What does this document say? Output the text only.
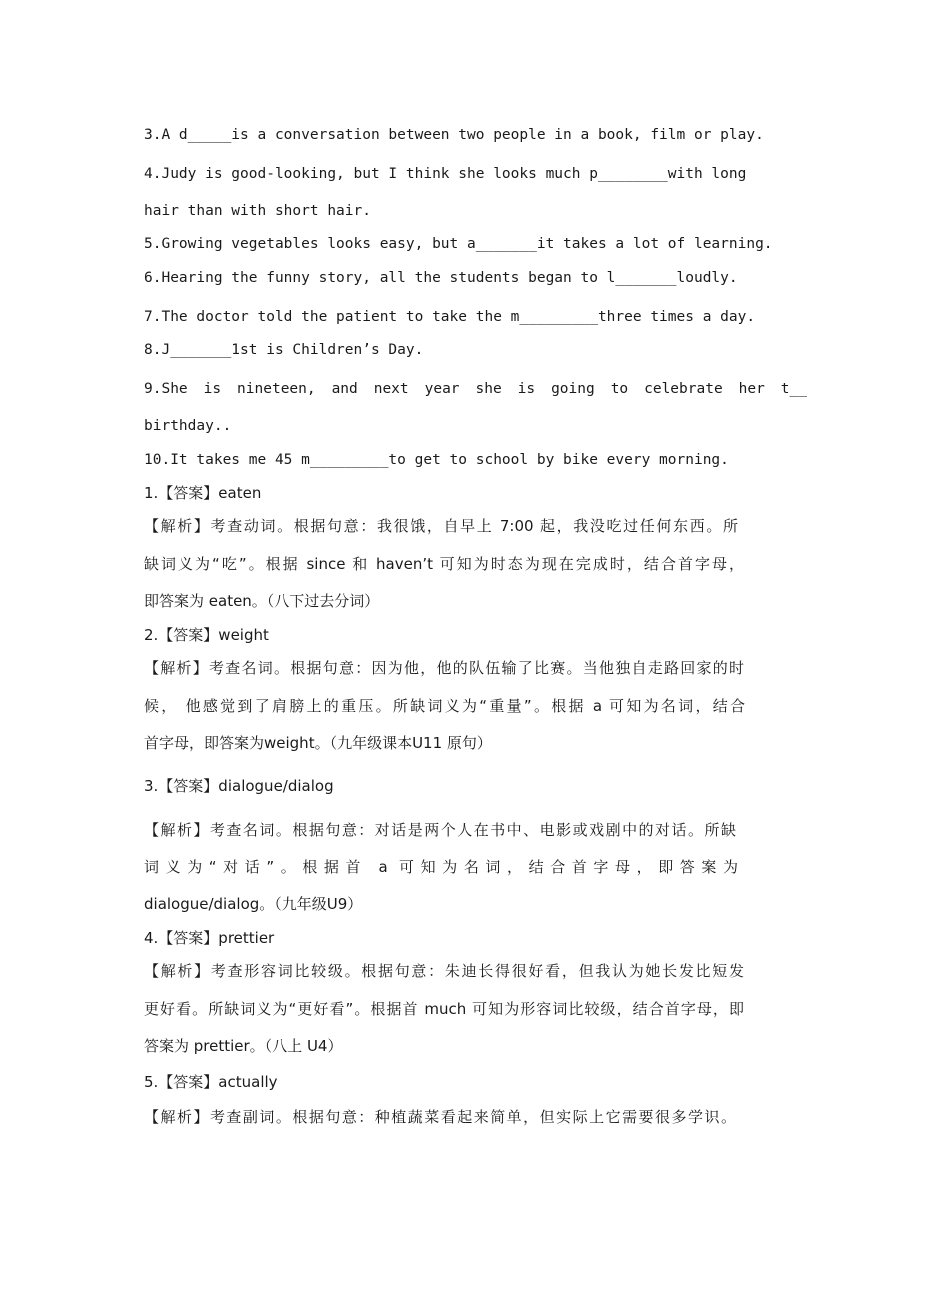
3.A d_____is a conversation between two people in a book, film or play.
4.Judy is good-looking, but I think she looks much p________with long
hair than with short hair.
5.Growing vegetables looks easy, but a_______it takes a lot of learning.
6.Hearing the funny story, all the students began to l_______loudly.
7.The doctor told the patient to take the m_________three times a day.
8.J_______1st is Children’s Day.
9.She is nineteen, and next year she is going to celebrate her t__
birthday..
10.It takes me 45 m_________to get to school by bike every morning.
1.【答案】eaten
【解析】考查动词。根据句意：我很饿，自早上 7:00 起，我没吃过任何东西。所
缺词义为“吃”。根据 since 和 haven’t 可知为时态为现在完成时，结合首字母，
即答案为 eaten。（八下过去分词）
2.【答案】weight
【解析】考查名词。根据句意：因为他，他的队伍输了比赛。当他独自走路回家的时
候， 他感觉到了肩膀上的重压。所缺词义为“重量”。根据 a 可知为名词，结合
首字母，即答案为weight。（九年级课本U11 原句）
3.【答案】dialogue/dialog
【解析】考查名词。根据句意：对话是两个人在书中、电影或戏剧中的对话。所缺
词义为“对话”。根据首 a 可知为名词，结合首字母，即答案为
dialogue/dialog。（九年级U9）
4.【答案】prettier
【解析】考查形容词比较级。根据句意：朱迪长得很好看，但我认为她长发比短发
更好看。所缺词义为“更好看”。根据首 much 可知为形容词比较级，结合首字母，即
答案为 prettier。（八上 U4）
5.【答案】actually
【解析】考查副词。根据句意：种植蔬菜看起来简单，但实际上它需要很多学识。
